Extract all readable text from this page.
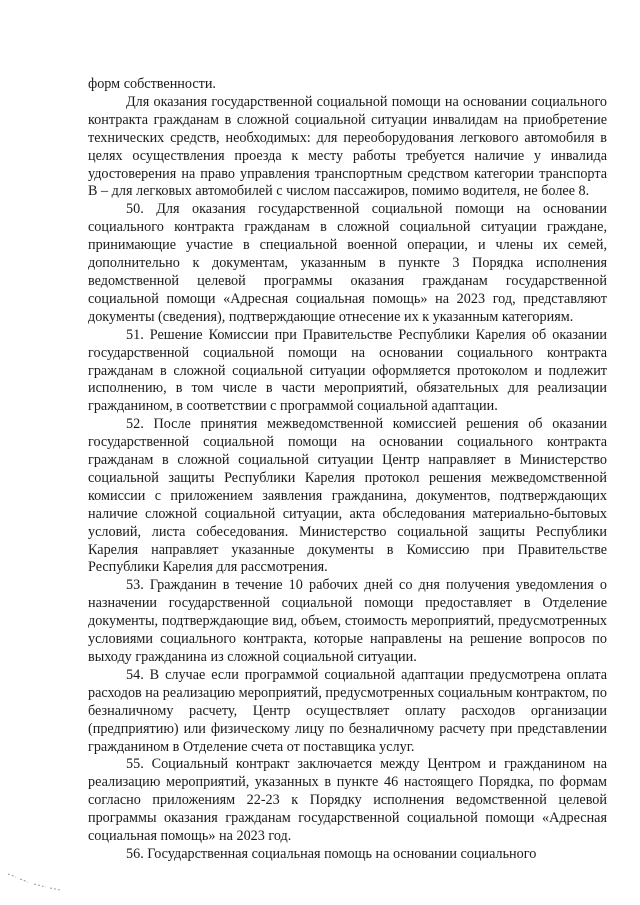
форм собственности.

Для оказания государственной социальной помощи на основании социального контракта гражданам в сложной социальной ситуации инвалидам на приобретение технических средств, необходимых: для переоборудования легкового автомобиля в целях осуществления проезда к месту работы требуется наличие у инвалида удостоверения на право управления транспортным средством категории транспорта В – для легковых автомобилей с числом пассажиров, помимо водителя, не более 8.

50. Для оказания государственной социальной помощи на основании социального контракта гражданам в сложной социальной ситуации граждане, принимающие участие в специальной военной операции, и члены их семей, дополнительно к документам, указанным в пункте 3 Порядка исполнения ведомственной целевой программы оказания гражданам государственной социальной помощи «Адресная социальная помощь» на 2023 год, представляют документы (сведения), подтверждающие отнесение их к указанным категориям.

51. Решение Комиссии при Правительстве Республики Карелия об оказании государственной социальной помощи на основании социального контракта гражданам в сложной социальной ситуации оформляется протоколом и подлежит исполнению, в том числе в части мероприятий, обязательных для реализации гражданином, в соответствии с программой социальной адаптации.

52. После принятия межведомственной комиссией решения об оказании государственной социальной помощи на основании социального контракта гражданам в сложной социальной ситуации Центр направляет в Министерство социальной защиты Республики Карелия протокол решения межведомственной комиссии с приложением заявления гражданина, документов, подтверждающих наличие сложной социальной ситуации, акта обследования материально-бытовых условий, листа собеседования. Министерство социальной защиты Республики Карелия направляет указанные документы в Комиссию при Правительстве Республики Карелия для рассмотрения.

53. Гражданин в течение 10 рабочих дней со дня получения уведомления о назначении государственной социальной помощи предоставляет в Отделение документы, подтверждающие вид, объем, стоимость мероприятий, предусмотренных условиями социального контракта, которые направлены на решение вопросов по выходу гражданина из сложной социальной ситуации.

54. В случае если программой социальной адаптации предусмотрена оплата расходов на реализацию мероприятий, предусмотренных социальным контрактом, по безналичному расчету, Центр осуществляет оплату расходов организации (предприятию) или физическому лицу по безналичному расчету при представлении гражданином в Отделение счета от поставщика услуг.

55. Социальный контракт заключается между Центром и гражданином на реализацию мероприятий, указанных в пункте 46 настоящего Порядка, по формам согласно приложениям 22-23 к Порядку исполнения ведомственной целевой программы оказания гражданам государственной социальной помощи «Адресная социальная помощь» на 2023 год.

56. Государственная социальная помощь на основании социального
